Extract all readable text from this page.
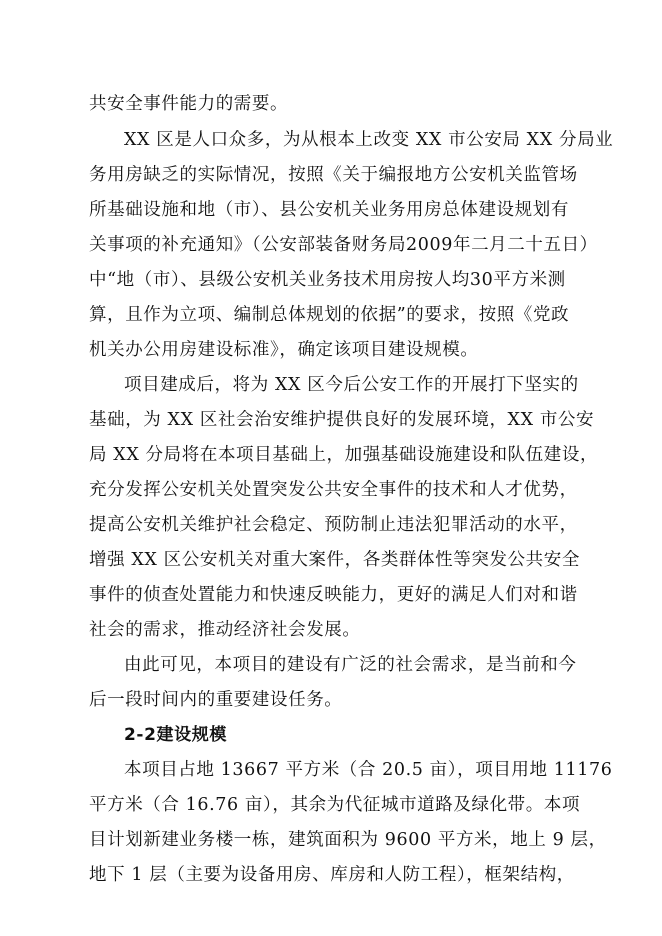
共安全事件能力的需要。
XX 区是人口众多，为从根本上改变 XX 市公安局 XX 分局业
务用房缺乏的实际情况，按照《关于编报地方公安机关监管场
所基础设施和地（市）、县公安机关业务用房总体建设规划有
关事项的补充通知》（公安部装备财务局2009年二月二十五日）
中“地（市）、县级公安机关业务技术用房按人均30平方米测
算，且作为立项、编制总体规划的依据”的要求，按照《党政
机关办公用房建设标准》，确定该项目建设规模。
项目建成后，将为 XX 区今后公安工作的开展打下坚实的
基础，为 XX 区社会治安维护提供良好的发展环境，XX 市公安
局 XX 分局将在本项目基础上，加强基础设施建设和队伍建设，
充分发挥公安机关处置突发公共安全事件的技术和人才优势，
提高公安机关维护社会稳定、预防制止违法犯罪活动的水平，
增强 XX 区公安机关对重大案件，各类群体性等突发公共安全
事件的侦查处置能力和快速反映能力，更好的满足人们对和谐
社会的需求，推动经济社会发展。
由此可见，本项目的建设有广泛的社会需求，是当前和今
后一段时间内的重要建设任务。
2-2建设规模
本项目占地 13667 平方米（合 20.5 亩），项目用地 11176
平方米（合 16.76 亩），其余为代征城市道路及绿化带。本项
目计划新建业务楼一栋，建筑面积为 9600 平方米，地上 9 层，
地下 1 层（主要为设备用房、库房和人防工程），框架结构，
